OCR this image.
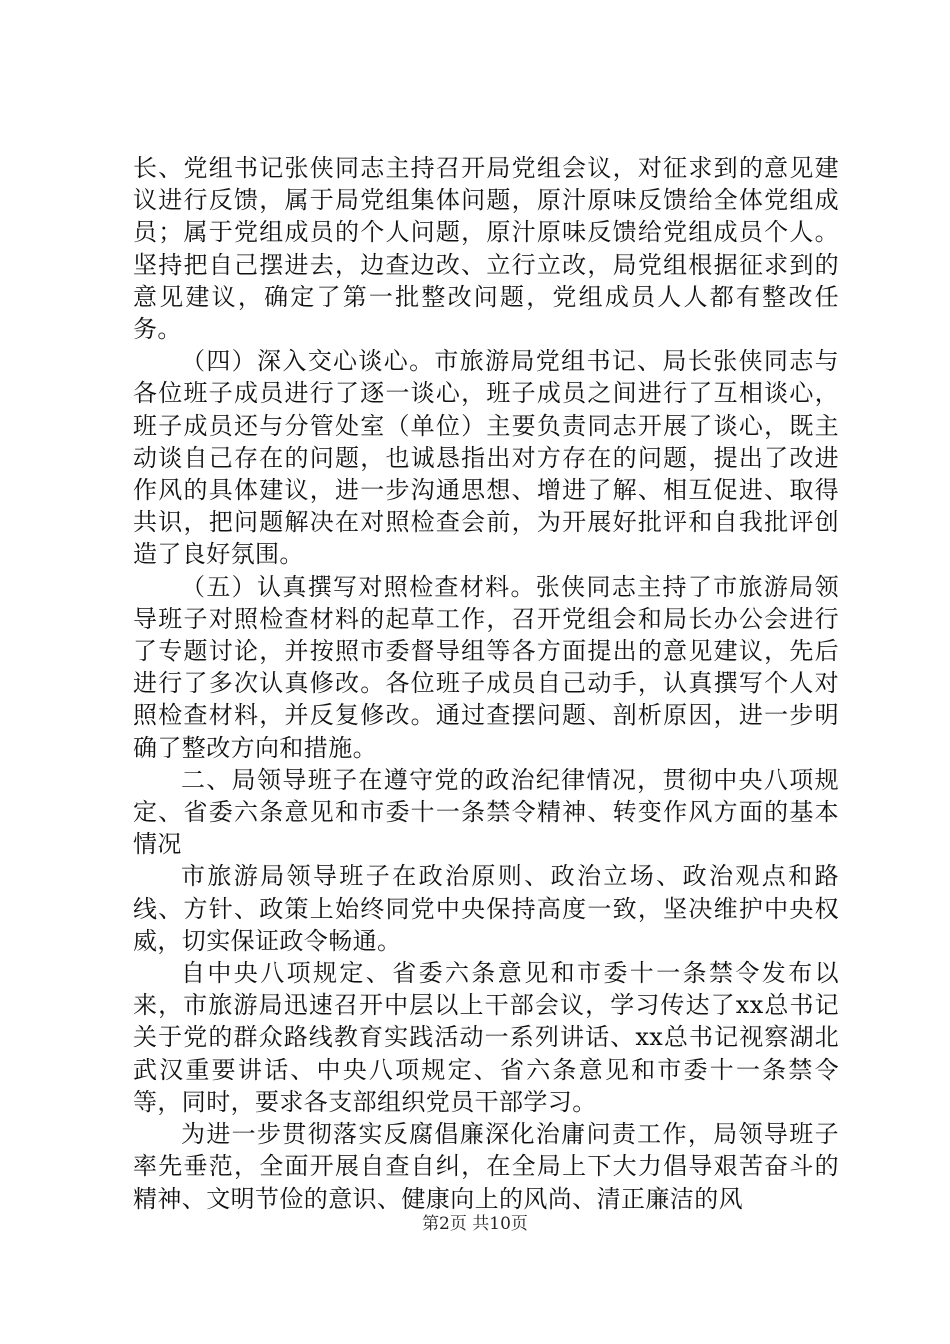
长、党组书记张侠同志主持召开局党组会议，对征求到的意见建议进行反馈，属于局党组集体问题，原汁原味反馈给全体党组成员；属于党组成员的个人问题，原汁原味反馈给党组成员个人。坚持把自己摆进去，边查边改、立行立改，局党组根据征求到的意见建议，确定了第一批整改问题，党组成员人人都有整改任务。

（四）深入交心谈心。市旅游局党组书记、局长张侠同志与各位班子成员进行了逐一谈心，班子成员之间进行了互相谈心，班子成员还与分管处室（单位）主要负责同志开展了谈心，既主动谈自己存在的问题，也诚恳指出对方存在的问题，提出了改进作风的具体建议，进一步沟通思想、增进了解、相互促进、取得共识，把问题解决在对照检查会前，为开展好批评和自我批评创造了良好氛围。

（五）认真撰写对照检查材料。张侠同志主持了市旅游局领导班子对照检查材料的起草工作，召开党组会和局长办公会进行了专题讨论，并按照市委督导组等各方面提出的意见建议，先后进行了多次认真修改。各位班子成员自己动手，认真撰写个人对照检查材料，并反复修改。通过查摆问题、剖析原因，进一步明确了整改方向和措施。

二、局领导班子在遵守党的政治纪律情况，贯彻中央八项规定、省委六条意见和市委十一条禁令精神、转变作风方面的基本情况

市旅游局领导班子在政治原则、政治立场、政治观点和路线、方针、政策上始终同党中央保持高度一致，坚决维护中央权威，切实保证政令畅通。

自中央八项规定、省委六条意见和市委十一条禁令发布以来，市旅游局迅速召开中层以上干部会议，学习传达了xx总书记关于党的群众路线教育实践活动一系列讲话、xx总书记视察湖北武汉重要讲话、中央八项规定、省六条意见和市委十一条禁令等，同时，要求各支部组织党员干部学习。

为进一步贯彻落实反腐倡廉深化治庸问责工作，局领导班子率先垂范，全面开展自查自纠，在全局上下大力倡导艰苦奋斗的精神、文明节俭的意识、健康向上的风尚、清正廉洁的风

第2页 共10页
